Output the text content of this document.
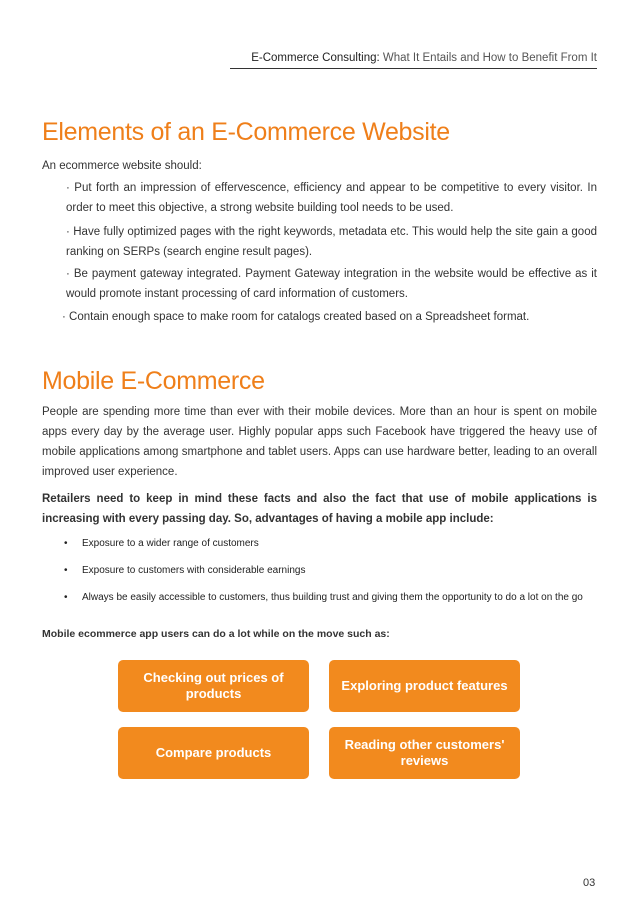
E-Commerce Consulting: What It Entails and How to Benefit From It
Elements of an E-Commerce Website
An ecommerce website should:
· Put forth an impression of effervescence, efficiency and appear to be competitive to every visitor. In order to meet this objective, a strong website building tool needs to be used.
· Have fully optimized pages with the right keywords, metadata etc. This would help the site gain a good ranking on SERPs (search engine result pages).
· Be payment gateway integrated. Payment Gateway integration in the website would be effective as it would promote instant processing of card information of customers.
· Contain enough space to make room for catalogs created based on a Spreadsheet format.
Mobile E-Commerce
People are spending more time than ever with their mobile devices. More than an hour is spent on mobile apps every day by the average user. Highly popular apps such Facebook have triggered the heavy use of mobile applications among smartphone and tablet users. Apps can use hardware better, leading to an overall improved user experience.
Retailers need to keep in mind these facts and also the fact that use of mobile applications is increasing with every passing day. So, advantages of having a mobile app include:
• Exposure to a wider range of customers
• Exposure to customers with considerable earnings
• Always be easily accessible to customers, thus building trust and giving them the opportunity to do a lot on the go
Mobile ecommerce app users can do a lot while on the move such as:
Checking out prices of products
Exploring product features
Compare products
Reading other customers' reviews
03
